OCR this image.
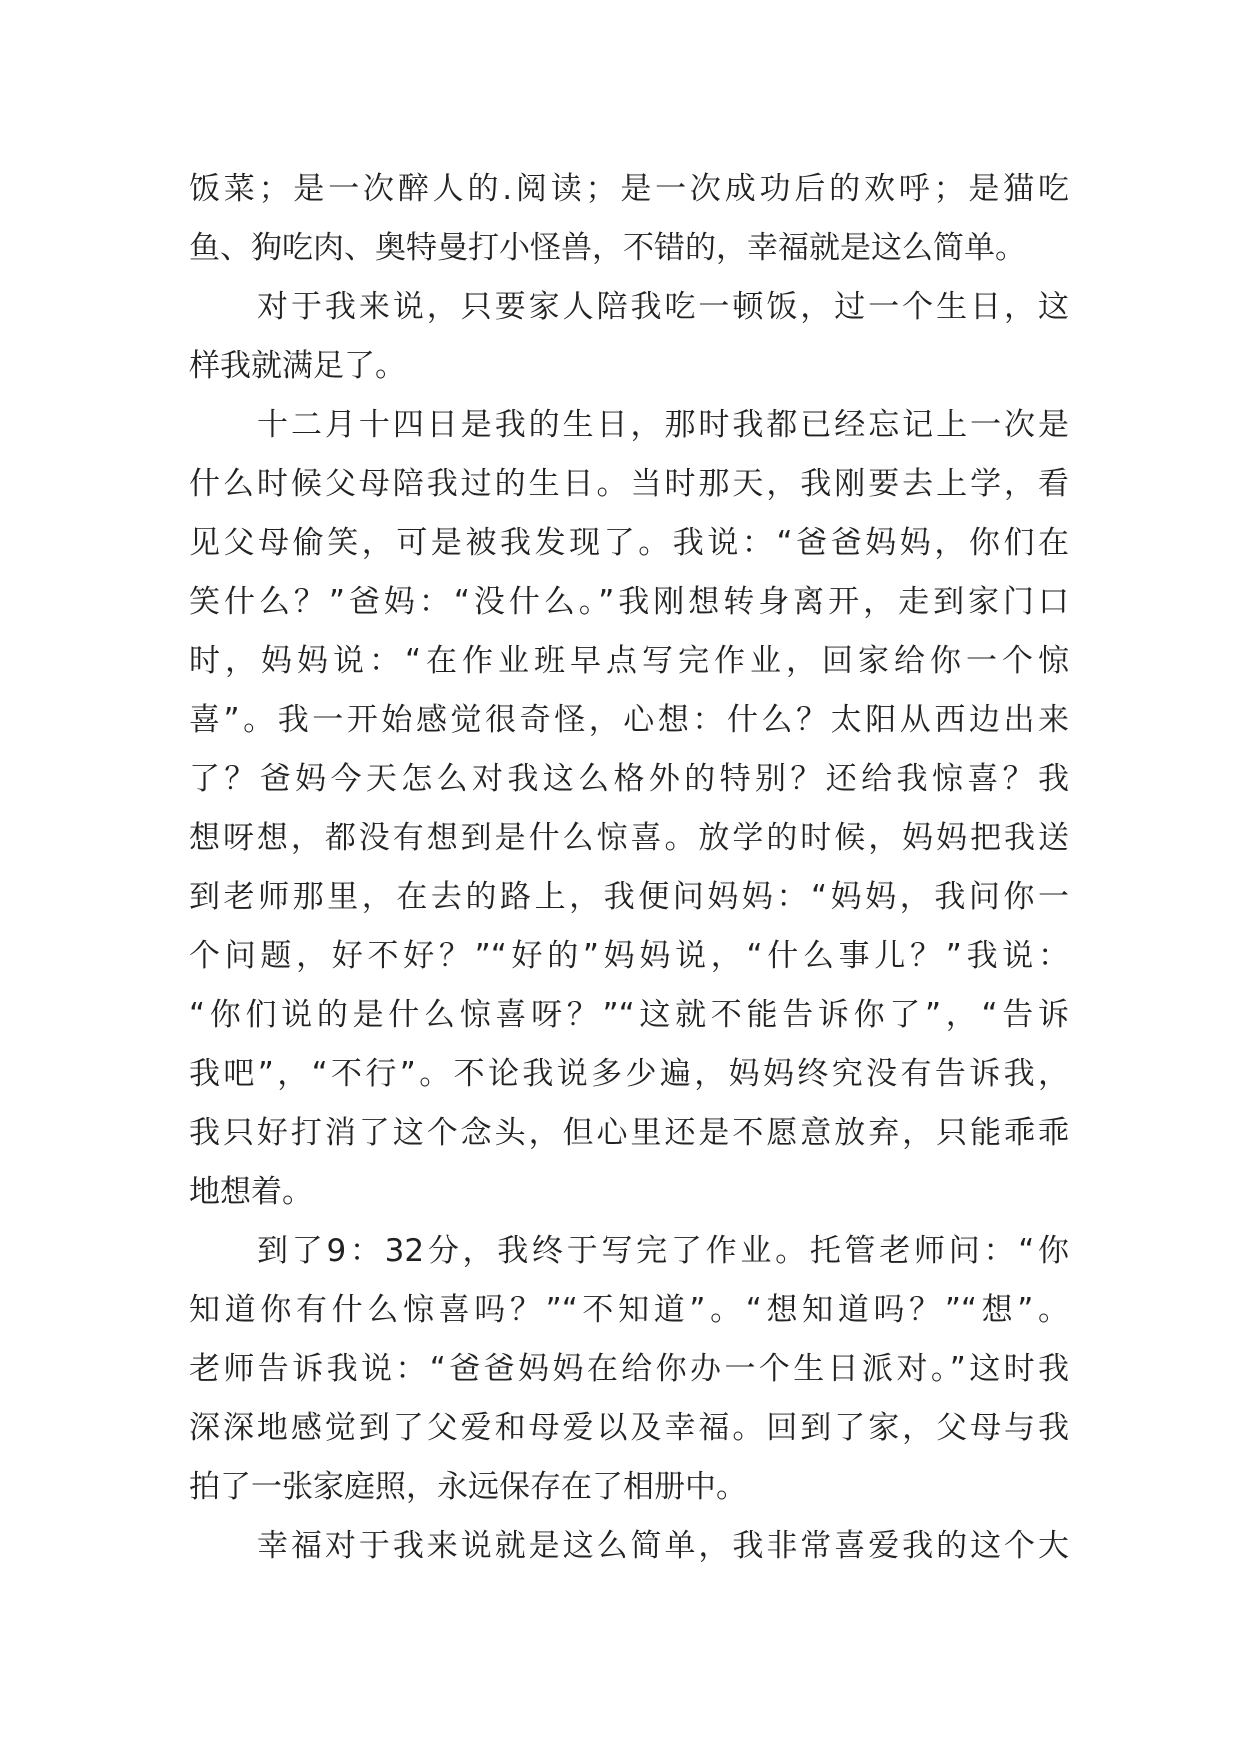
饭菜；是一次醉人的.阅读；是一次成功后的欢呼；是猫吃
鱼、狗吃肉、奥特曼打小怪兽，不错的，幸福就是这么简单。
对于我来说，只要家人陪我吃一顿饭，过一个生日，这
样我就满足了。
十二月十四日是我的生日，那时我都已经忘记上一次是
什么时候父母陪我过的生日。当时那天，我刚要去上学，看
见父母偷笑，可是被我发现了。我说：“爸爸妈妈，你们在
笑什么？”爸妈：“没什么。”我刚想转身离开，走到家门口
时，妈妈说：“在作业班早点写完作业，回家给你一个惊
喜”。我一开始感觉很奇怪，心想：什么？太阳从西边出来
了？爸妈今天怎么对我这么格外的特别？还给我惊喜？我
想呀想，都没有想到是什么惊喜。放学的时候，妈妈把我送
到老师那里，在去的路上，我便问妈妈：“妈妈，我问你一
个问题，好不好？”“好的”妈妈说，“什么事儿？”我说：
“你们说的是什么惊喜呀？”“这就不能告诉你了”，“告诉
我吧”，“不行”。不论我说多少遍，妈妈终究没有告诉我，
我只好打消了这个念头，但心里还是不愿意放弃，只能乖乖
地想着。
到了9：32分，我终于写完了作业。托管老师问：“你
知道你有什么惊喜吗？”“不知道”。“想知道吗？”“想”。
老师告诉我说：“爸爸妈妈在给你办一个生日派对。”这时我
深深地感觉到了父爱和母爱以及幸福。回到了家，父母与我
拍了一张家庭照，永远保存在了相册中。
幸福对于我来说就是这么简单，我非常喜爱我的这个大
